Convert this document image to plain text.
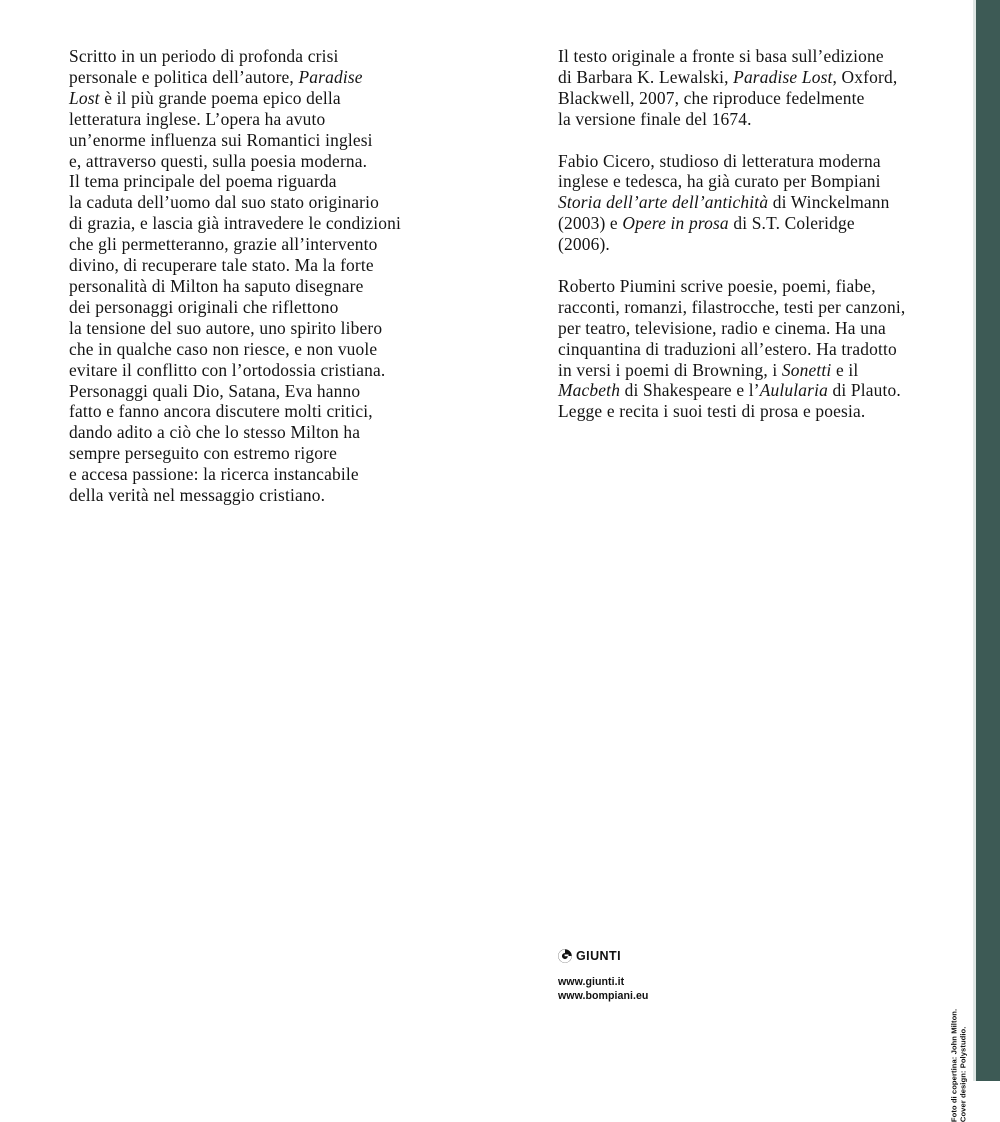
Scritto in un periodo di profonda crisi
personale e politica dell’autore, Paradise
Lost è il più grande poema epico della
letteratura inglese. L’opera ha avuto
un’enorme influenza sui Romantici inglesi
e, attraverso questi, sulla poesia moderna.
Il tema principale del poema riguarda
la caduta dell’uomo dal suo stato originario
di grazia, e lascia già intravedere le condizioni
che gli permetteranno, grazie all’intervento
divino, di recuperare tale stato. Ma la forte
personalità di Milton ha saputo disegnare
dei personaggi originali che riflettono
la tensione del suo autore, uno spirito libero
che in qualche caso non riesce, e non vuole
evitare il conflitto con l’ortodossia cristiana.
Personaggi quali Dio, Satana, Eva hanno
fatto e fanno ancora discutere molti critici,
dando adito a ciò che lo stesso Milton ha
sempre perseguito con estremo rigore
e accesa passione: la ricerca instancabile
della verità nel messaggio cristiano.

Il testo originale a fronte si basa sull’edizione
di Barbara K. Lewalski, Paradise Lost, Oxford,
Blackwell, 2007, che riproduce fedelmente
la versione finale del 1674.

Fabio Cicero, studioso di letteratura moderna
inglese e tedesca, ha già curato per Bompiani
Storia dell’arte dell’antichità di Winckelmann
(2003) e Opere in prosa di S.T. Coleridge
(2006).

Roberto Piumini scrive poesie, poemi, fiabe,
racconti, romanzi, filastrocche, testi per canzoni,
per teatro, televisione, radio e cinema. Ha una
cinquantina di traduzioni all’estero. Ha tradotto
in versi i poemi di Browning, i Sonetti e il
Macbeth di Shakespeare e l’Aulularia di Plauto.
Legge e recita i suoi testi di prosa e poesia.

GIUNTI
www.giunti.it
www.bompiani.eu
Foto di copertina: John Milton. Cover design: Polystudio.
